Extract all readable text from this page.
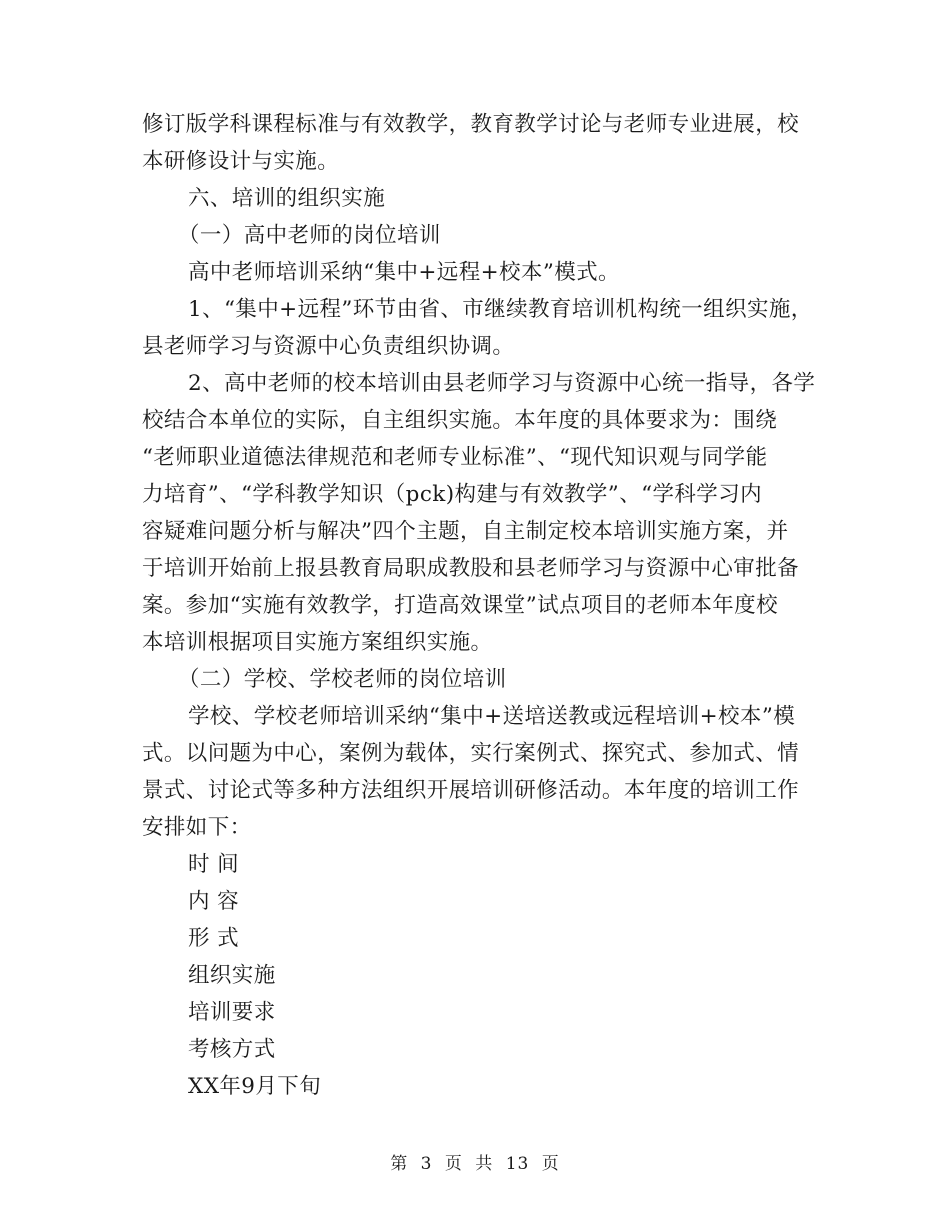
修订版学科课程标准与有效教学，教育教学讨论与老师专业进展，校
本研修设计与实施。
六、培训的组织实施
（一）高中老师的岗位培训
高中老师培训采纳“集中+远程+校本”模式。
1、“集中+远程”环节由省、市继续教育培训机构统一组织实施，
县老师学习与资源中心负责组织协调。
2、高中老师的校本培训由县老师学习与资源中心统一指导，各学
校结合本单位的实际，自主组织实施。本年度的具体要求为：围绕
“老师职业道德法律规范和老师专业标准”、“现代知识观与同学能
力培育”、“学科教学知识（pck)构建与有效教学”、“学科学习内
容疑难问题分析与解决”四个主题，自主制定校本培训实施方案，并
于培训开始前上报县教育局职成教股和县老师学习与资源中心审批备
案。参加“实施有效教学，打造高效课堂”试点项目的老师本年度校
本培训根据项目实施方案组织实施。
（二）学校、学校老师的岗位培训
学校、学校老师培训采纳“集中+送培送教或远程培训+校本”模
式。以问题为中心，案例为载体，实行案例式、探究式、参加式、情
景式、讨论式等多种方法组织开展培训研修活动。本年度的培训工作
安排如下：
时 间
内 容
形 式
组织实施
培训要求
考核方式
XX年9月下旬
第 3 页 共 13 页
